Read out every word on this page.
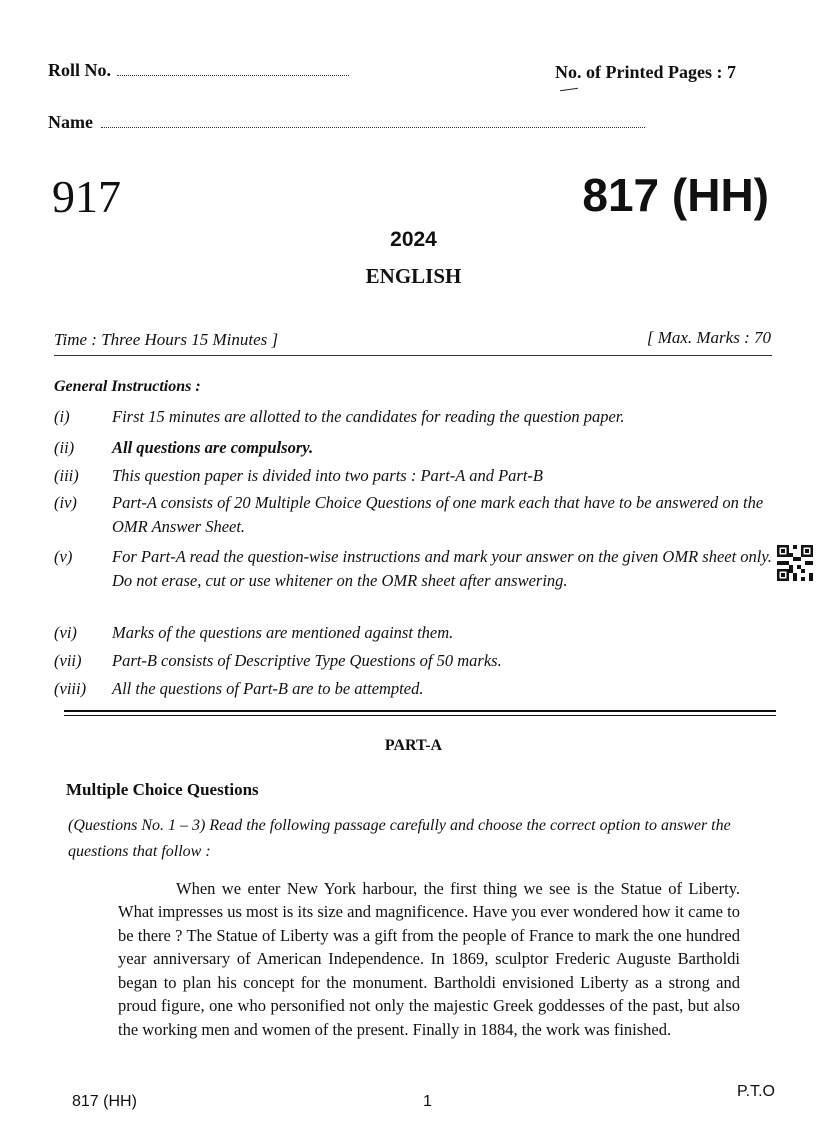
Roll No.	No. of Printed Pages : 7
Name
917	817 (HH)
2024
ENGLISH
Time : Three Hours 15 Minutes ]	[ Max. Marks : 70
General Instructions :
(i)	First 15 minutes are allotted to the candidates for reading the question paper.
(ii)	All questions are compulsory.
(iii)	This question paper is divided into two parts : Part-A and Part-B
(iv)	Part-A consists of 20 Multiple Choice Questions of one mark each that have to be answered on the OMR Answer Sheet.
(v)	For Part-A read the question-wise instructions and mark your answer on the given OMR sheet only. Do not erase, cut or use whitener on the OMR sheet after answering.
(vi)	Marks of the questions are mentioned against them.
(vii)	Part-B consists of Descriptive Type Questions of 50 marks.
(viii)	All the questions of Part-B are to be attempted.
PART-A
Multiple Choice Questions
(Questions No. 1 – 3) Read the following passage carefully and choose the correct option to answer the questions that follow :
When we enter New York harbour, the first thing we see is the Statue of Liberty. What impresses us most is its size and magnificence. Have you ever wondered how it came to be there ? The Statue of Liberty was a gift from the people of France to mark the one hundred year anniversary of American Independence. In 1869, sculptor Frederic Auguste Bartholdi began to plan his concept for the monument. Bartholdi envisioned Liberty as a strong and proud figure, one who personified not only the majestic Greek goddesses of the past, but also the working men and women of the present. Finally in 1884, the work was finished.
817 (HH)	1
P.T.O
